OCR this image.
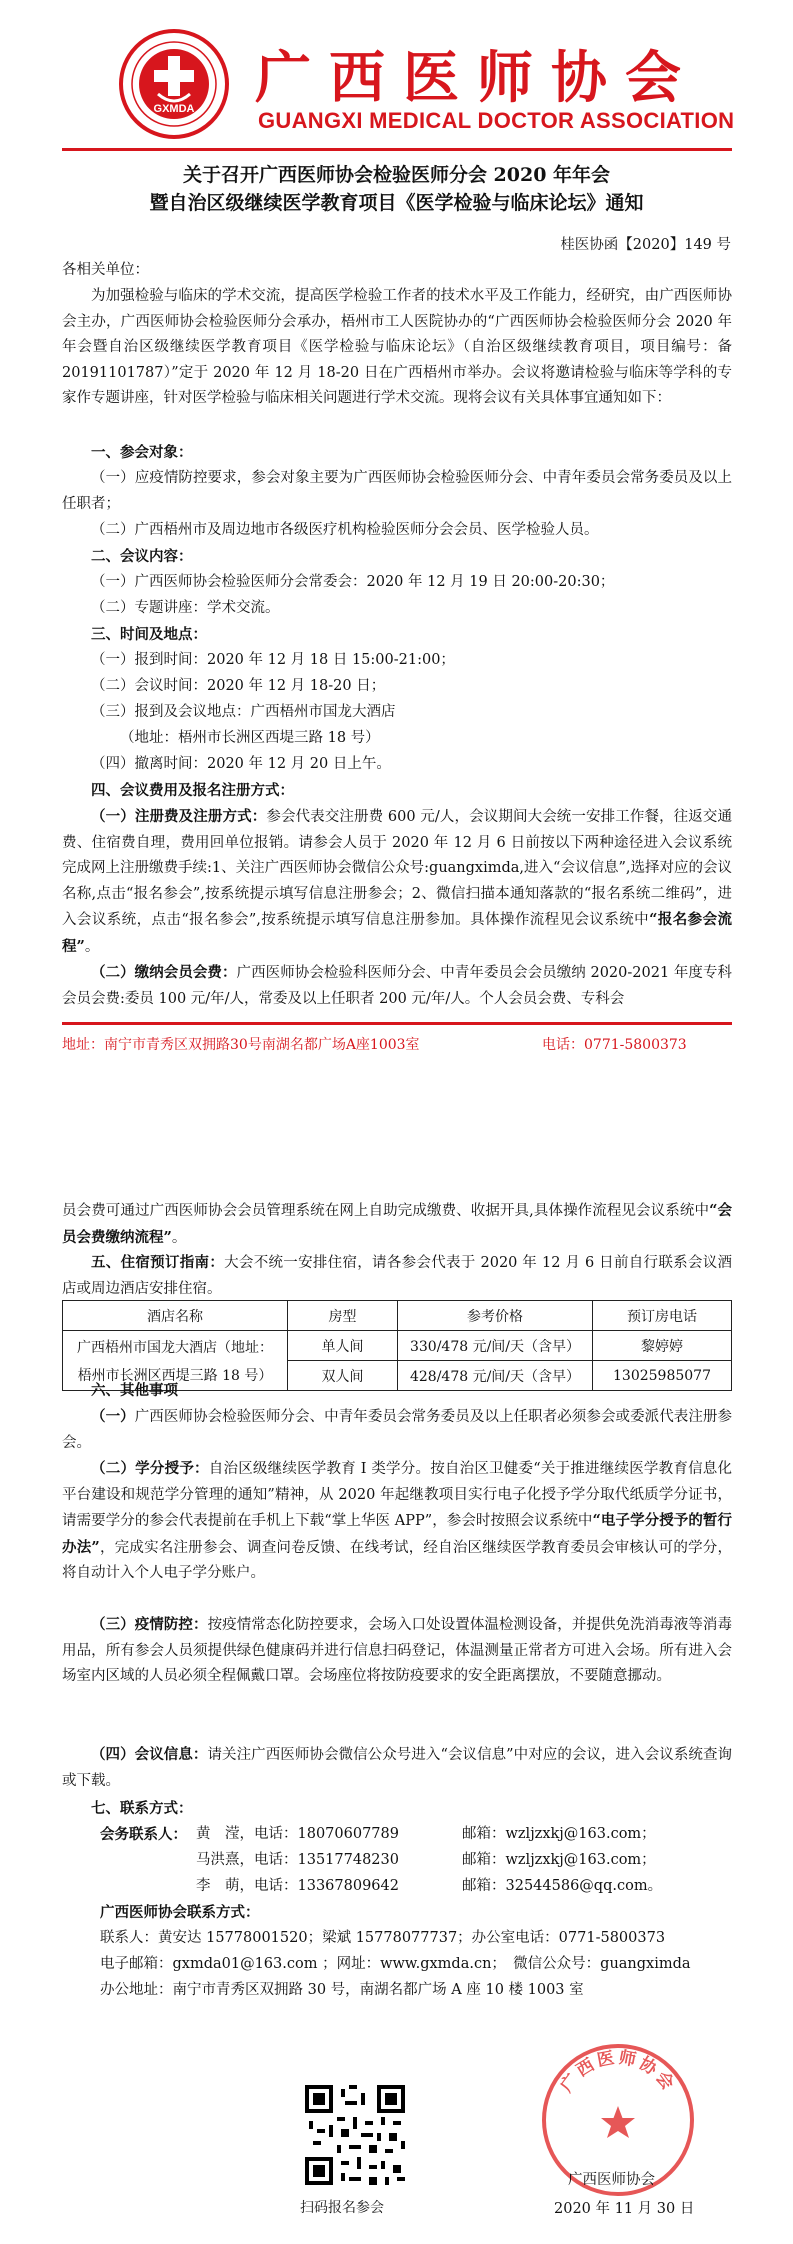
GXMDA 广西医师协会
GUANGXI MEDICAL DOCTOR ASSOCIATION
关于召开广西医师协会检验医师分会 2020 年年会
暨自治区级继续医学教育项目《医学检验与临床论坛》通知
桂医协函【2020】149 号
各相关单位：
为加强检验与临床的学术交流，提高医学检验工作者的技术水平及工作能力，经研究，由广西医师协会主办，广西医师协会检验医师分会承办，梧州市工人医院协办的“广西医师协会检验医师分会 2020 年年会暨自治区级继续医学教育项目《医学检验与临床论坛》（自治区级继续教育项目，项目编号：备 20191101787）”定于 2020 年 12 月 18-20 日在广西梧州市举办。会议将邀请检验与临床等学科的专家作专题讲座，针对医学检验与临床相关问题进行学术交流。现将会议有关具体事宜通知如下：
一、参会对象：
（一）应疫情防控要求，参会对象主要为广西医师协会检验医师分会、中青年委员会常务委员及以上任职者；
（二）广西梧州市及周边地市各级医疗机构检验医师分会会员、医学检验人员。
二、会议内容：
（一）广西医师协会检验医师分会常委会：2020 年 12 月 19 日 20:00-20:30；
（二）专题讲座：学术交流。
三、时间及地点：
（一）报到时间：2020 年 12 月 18 日 15:00-21:00；
（二）会议时间：2020 年 12 月 18-20 日；
（三）报到及会议地点：广西梧州市国龙大酒店
（地址：梧州市长洲区西堤三路 18 号）
（四）撤离时间：2020 年 12 月 20 日上午。
四、会议费用及报名注册方式：
（一）注册费及注册方式：参会代表交注册费 600 元/人，会议期间大会统一安排工作餐，往返交通费、住宿费自理，费用回单位报销。请参会人员于 2020 年 12 月 6 日前按以下两种途径进入会议系统完成网上注册缴费手续:1、关注广西医师协会微信公众号:guangximda,进入“会议信息”,选择对应的会议名称,点击“报名参会”,按系统提示填写信息注册参会；2、微信扫描本通知落款的“报名系统二维码”，进入会议系统，点击“报名参会”,按系统提示填写信息注册参加。具体操作流程见会议系统中“报名参会流程”。
（二）缴纳会员会费：广西医师协会检验科医师分会、中青年委员会会员缴纳 2020-2021 年度专科会员会费:委员 100 元/年/人，常委及以上任职者 200 元/年/人。个人会员会费、专科会
地址：南宁市青秀区双拥路30号南湖名都广场A座1003室	电话：0771-5800373
员会费可通过广西医师协会会员管理系统在网上自助完成缴费、收据开具,具体操作流程见会议系统中“会员会费缴纳流程”。
五、住宿预订指南：大会不统一安排住宿，请各参会代表于 2020 年 12 月 6 日前自行联系会议酒店或周边酒店安排住宿。
酒店名称	房型	参考价格	预订房电话

广西梧州市国龙大酒店（地址：
梧州市长洲区西堤三路 18 号）	单人间	330/478 元/间/天（含早）	黎婷婷
	双人间	428/478 元/间/天（含早）	13025985077
六、其他事项
（一）广西医师协会检验医师分会、中青年委员会常务委员及以上任职者必须参会或委派代表注册参会。
（二）学分授予：自治区级继续医学教育 I 类学分。按自治区卫健委“关于推进继续医学教育信息化平台建设和规范学分管理的通知”精神，从 2020 年起继教项目实行电子化授予学分取代纸质学分证书，请需要学分的参会代表提前在手机上下载“掌上华医 APP”，参会时按照会议系统中“电子学分授予的暂行办法”，完成实名注册参会、调查问卷反馈、在线考试，经自治区继续医学教育委员会审核认可的学分，将自动计入个人电子学分账户。
（三）疫情防控：按疫情常态化防控要求，会场入口处设置体温检测设备，并提供免洗消毒液等消毒用品，所有参会人员须提供绿色健康码并进行信息扫码登记，体温测量正常者方可进入会场。所有进入会场室内区域的人员必须全程佩戴口罩。会场座位将按防疫要求的安全距离摆放，不要随意挪动。
（四）会议信息：请关注广西医师协会微信公众号进入“会议信息”中对应的会议，进入会议系统查询或下载。
七、联系方式：
会务联系人： 黄　滢，电话：18070607789	邮箱：wzljzxkj@163.com；
马洪熹，电话：13517748230	邮箱：wzljzxkj@163.com；
李　萌，电话：13367809642	邮箱：32544586@qq.com。
广西医师协会联系方式：
联系人：黄安达 15778001520；梁斌 15778077737；办公室电话：0771-5800373
电子邮箱：gxmda01@163.com ；网址：www.gxmda.cn；　微信公众号：guangximda
办公地址：南宁市青秀区双拥路 30 号，南湖名都广场 A 座 10 楼 1003 室
扫码报名参会
广西医师协会
广西医师协会
2020 年 11 月 30 日
